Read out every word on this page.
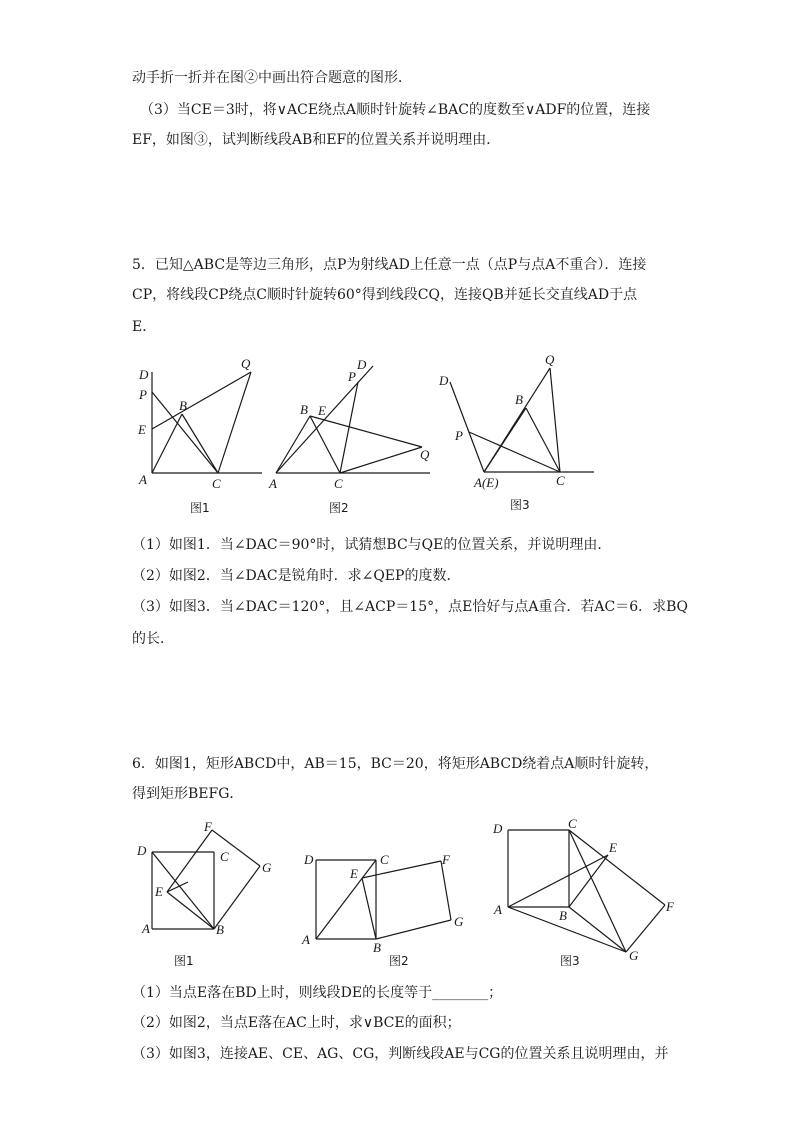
动手折一折并在图②中画出符合题意的图形．
（3）当CE＝3时，将∨ACE绕点A顺时针旋转∠BAC的度数至∨ADF的位置，连接
EF，如图③，试判断线段AB和EF的位置关系并说明理由．
5．已知△ABC是等边三角形，点P为射线AD上任意一点（点P与点A不重合）．连接
CP，将线段CP绕点C顺时针旋转60°得到线段CQ，连接QB并延长交直线AD于点
E．
D
P
Q
B
E
A	C
图1
D
P
B E
Q
A	C
图2
D
Q
B
P
A(E)	C
图3
（1）如图1．当∠DAC＝90°时，试猜想BC与QE的位置关系，并说明理由．
（2）如图2．当∠DAC是锐角时．求∠QEP的度数．
（3）如图3．当∠DAC＝120°，且∠ACP＝15°，点E恰好与点A重合．若AC＝6．求BQ
的长．
6．如图1，矩形ABCD中，AB＝15，BC＝20，将矩形ABCD绕着点A顺时针旋转，
得到矩形BEFG．
F
D	C
G
E
A	B
图1
D	C	F
E
G
A
B
图2
D	C
E
F
A	B
G
图3
（1）当点E落在BD上时，则线段DE的长度等于________；
（2）如图2，当点E落在AC上时，求∨BCE的面积；
（3）如图3，连接AE、CE、AG、CG，判断线段AE与CG的位置关系且说明理由，并
